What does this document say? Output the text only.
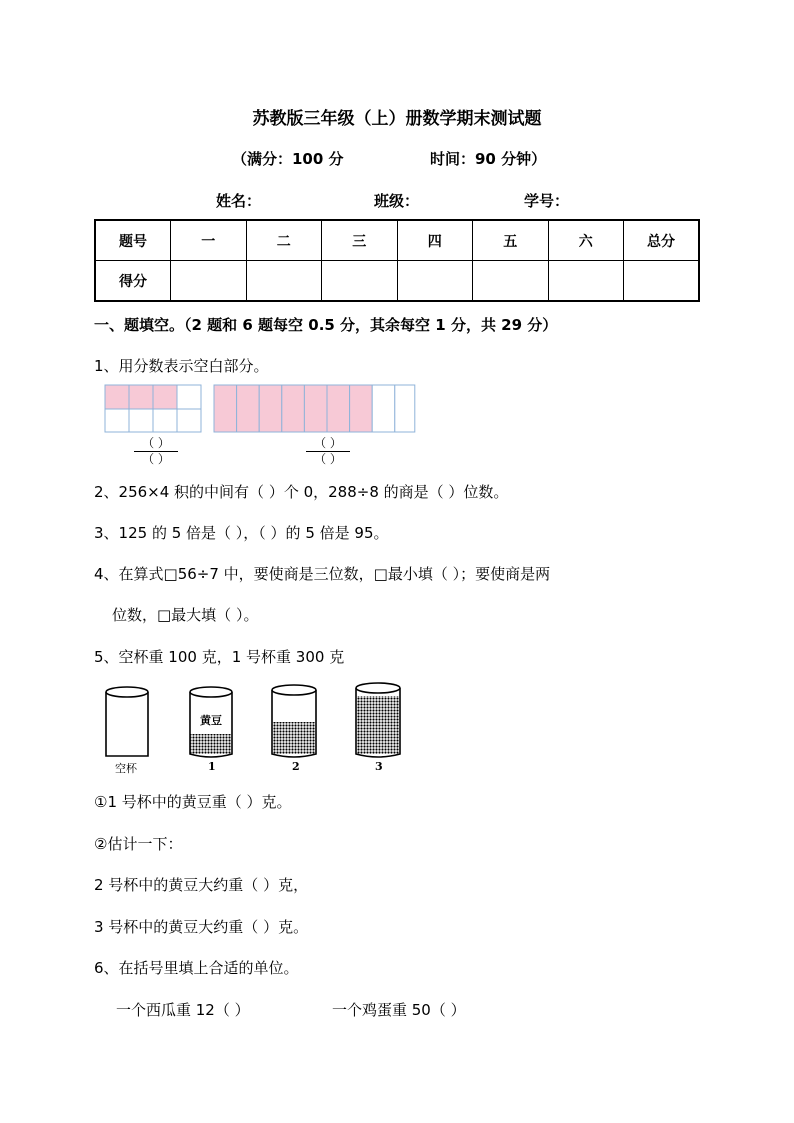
苏教版三年级（上）册数学期末测试题
（满分：100 分	时间：90 分钟）
姓名：	班级：	学号：
题号	一	二	三	四	五	六	总分
得分							
一、题填空。（2 题和 6 题每空 0.5 分，其余每空 1 分，共 29 分）
1、用分数表示空白部分。
（ ）
（ ）
（ ）
（ ）
2、256×4 积的中间有（ ）个 0，288÷8 的商是（ ）位数。
3、125 的 5 倍是（ ），（ ）的 5 倍是 95。
4、在算式□56÷7 中，要使商是三位数，□最小填（ ）；要使商是两
位数，□最大填（ ）。
5、空杯重 100 克，1 号杯重 300 克
黄豆
空杯	1	2	3
①1 号杯中的黄豆重（ ）克。
②估计一下：
2 号杯中的黄豆大约重（ ）克，
3 号杯中的黄豆大约重（ ）克。
6、在括号里填上合适的单位。
一个西瓜重 12（ ）	一个鸡蛋重 50（ ）
